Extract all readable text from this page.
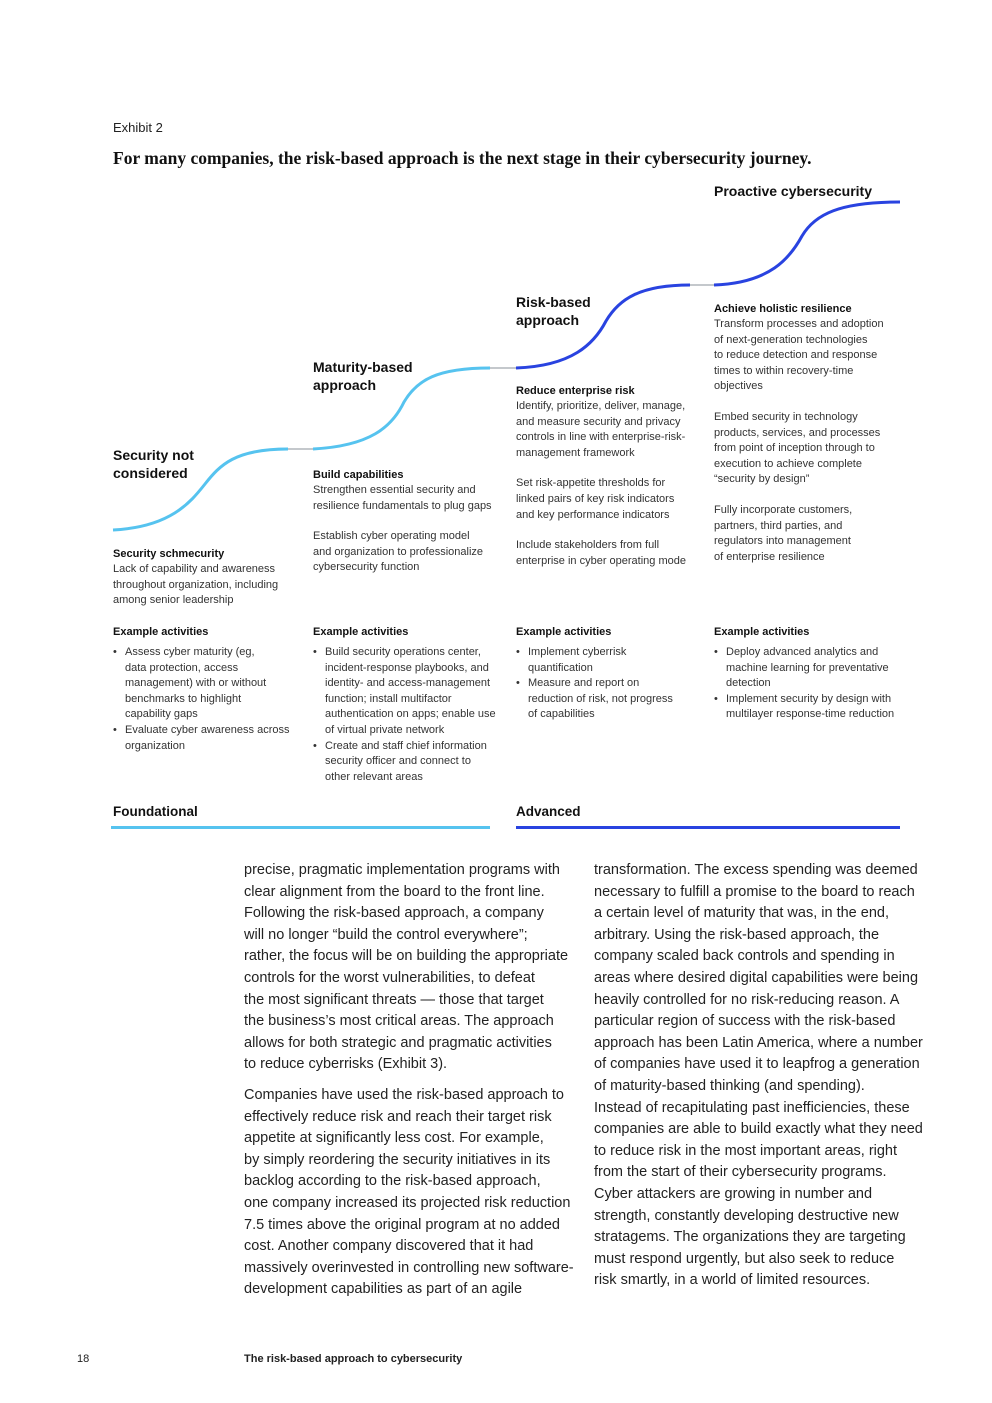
Exhibit 2
For many companies, the risk-based approach is the next stage in their cybersecurity journey.
Security not
considered
Maturity-based
approach
Risk-based
approach
Proactive cybersecurity
Security schmecurity
Lack of capability and awareness
throughout organization, including
among senior leadership
Build capabilities
Strengthen essential security and
resilience fundamentals to plug gaps
Establish cyber operating model
and organization to professionalize
cybersecurity function
Reduce enterprise risk
Identify, prioritize, deliver, manage,
and measure security and privacy
controls in line with enterprise-risk-
management framework
Set risk-appetite thresholds for
linked pairs of key risk indicators
and key performance indicators
Include stakeholders from full
enterprise in cyber operating mode
Achieve holistic resilience
Transform processes and adoption
of next-generation technologies
to reduce detection and response
times to within recovery-time
objectives
Embed security in technology
products, services, and processes
from point of inception through to
execution to achieve complete
“security by design”
Fully incorporate customers,
partners, third parties, and
regulators into management
of enterprise resilience
Example activities
• Assess cyber maturity (eg,
data protection, access
management) with or without
benchmarks to highlight
capability gaps
• Evaluate cyber awareness across
organization
Example activities
• Build security operations center,
incident-response playbooks, and
identity- and access-management
function; install multifactor
authentication on apps; enable use
of virtual private network
• Create and staff chief information
security officer and connect to
other relevant areas
Example activities
• Implement cyberrisk
quantification
• Measure and report on
reduction of risk, not progress
of capabilities
Example activities
• Deploy advanced analytics and
machine learning for preventative
detection
• Implement security by design with
multilayer response-time reduction
Foundational	Advanced

precise, pragmatic implementation programs with
clear alignment from the board to the front line.
Following the risk-based approach, a company
will no longer “build the control everywhere”;
rather, the focus will be on building the appropriate
controls for the worst vulnerabilities, to defeat
the most significant threats — those that target
the business’s most critical areas. The approach
allows for both strategic and pragmatic activities
to reduce cyberrisks (Exhibit 3).

Companies have used the risk-based approach to
effectively reduce risk and reach their target risk
appetite at significantly less cost. For example,
by simply reordering the security initiatives in its
backlog according to the risk-based approach,
one company increased its projected risk reduction
7.5 times above the original program at no added
cost. Another company discovered that it had
massively overinvested in controlling new software-
development capabilities as part of an agile

transformation. The excess spending was deemed
necessary to fulfill a promise to the board to reach
a certain level of maturity that was, in the end,
arbitrary. Using the risk-based approach, the
company scaled back controls and spending in
areas where desired digital capabilities were being
heavily controlled for no risk-reducing reason. A
particular region of success with the risk-based
approach has been Latin America, where a number
of companies have used it to leapfrog a generation
of maturity-based thinking (and spending).
Instead of recapitulating past inefficiencies, these
companies are able to build exactly what they need
to reduce risk in the most important areas, right
from the start of their cybersecurity programs.
Cyber attackers are growing in number and
strength, constantly developing destructive new
stratagems. The organizations they are targeting
must respond urgently, but also seek to reduce
risk smartly, in a world of limited resources.

18	The risk-based approach to cybersecurity
